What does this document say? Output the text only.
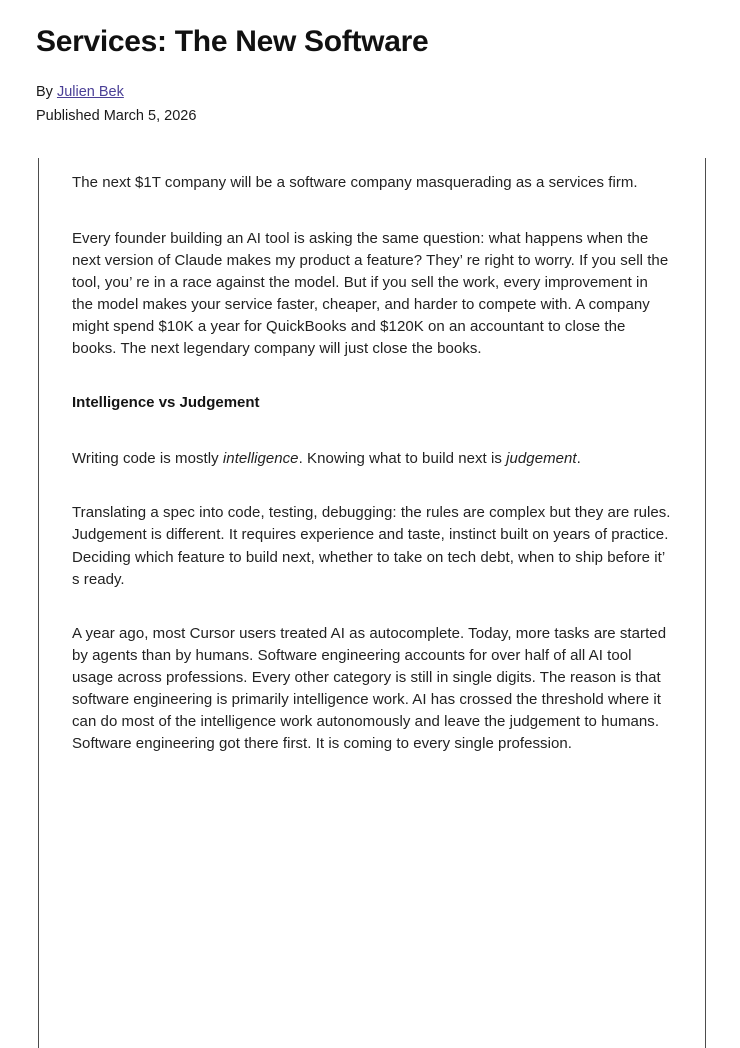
Services: The New Software

By Julien Bek

Published March 5, 2026

The next $1T company will be a software company masquerading as a services firm.

Every founder building an AI tool is asking the same question: what happens when the next version of Claude makes my product a feature? They’ re right to worry. If you sell the tool, you’ re in a race against the model. But if you sell the work, every improvement in the model makes your service faster, cheaper, and harder to compete with. A company might spend $10K a year for QuickBooks and $120K on an accountant to close the books. The next legendary company will just close the books.

Intelligence vs Judgement

Writing code is mostly intelligence. Knowing what to build next is judgement.

Translating a spec into code, testing, debugging: the rules are complex but they are rules. Judgement is different. It requires experience and taste, instinct built on years of practice. Deciding which feature to build next, whether to take on tech debt, when to ship before it’ s ready.

A year ago, most Cursor users treated AI as autocomplete. Today, more tasks are started by agents than by humans. Software engineering accounts for over half of all AI tool usage across professions. Every other category is still in single digits. The reason is that software engineering is primarily intelligence work. AI has crossed the threshold where it can do most of the intelligence work autonomously and leave the judgement to humans. Software engineering got there first. It is coming to every single profession.
